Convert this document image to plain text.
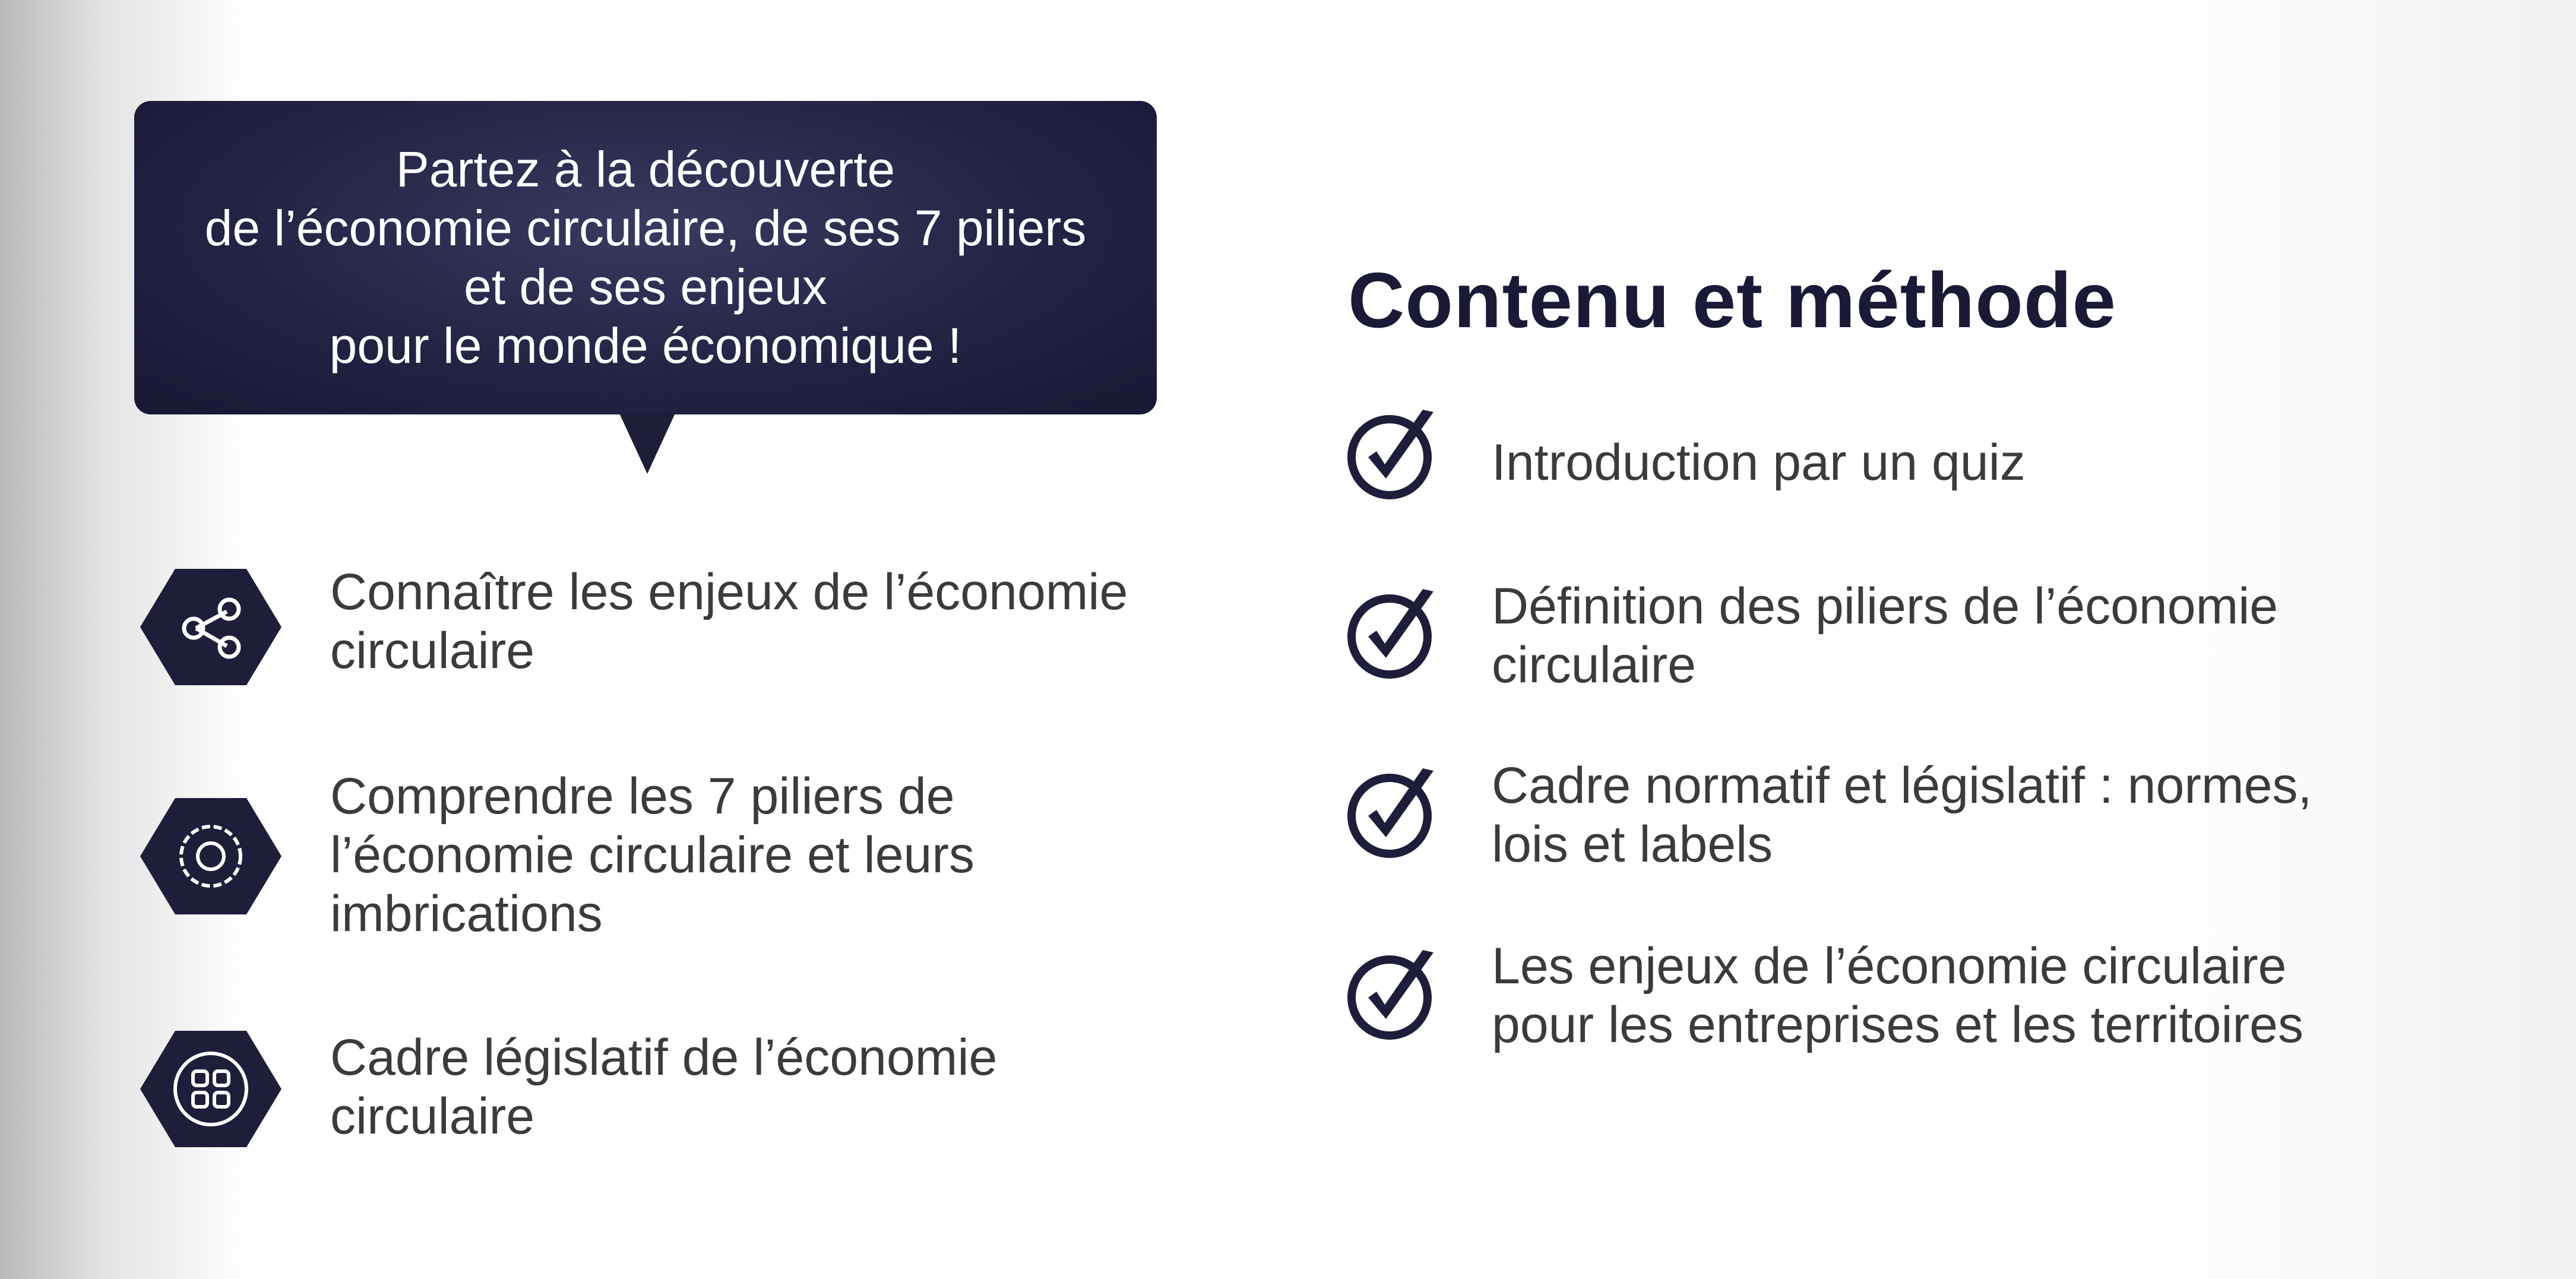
Partez à la découverte
de l’économie circulaire, de ses 7 piliers
et de ses enjeux
pour le monde économique !
Connaître les enjeux de l’économie
circulaire
Comprendre les 7 piliers de
l’économie circulaire et leurs
imbrications
Cadre législatif de l’économie
circulaire
Contenu et méthode
Introduction par un quiz
Définition des piliers de l’économie
circulaire
Cadre normatif et législatif : normes,
lois et labels
Les enjeux de l’économie circulaire
pour les entreprises et les territoires
